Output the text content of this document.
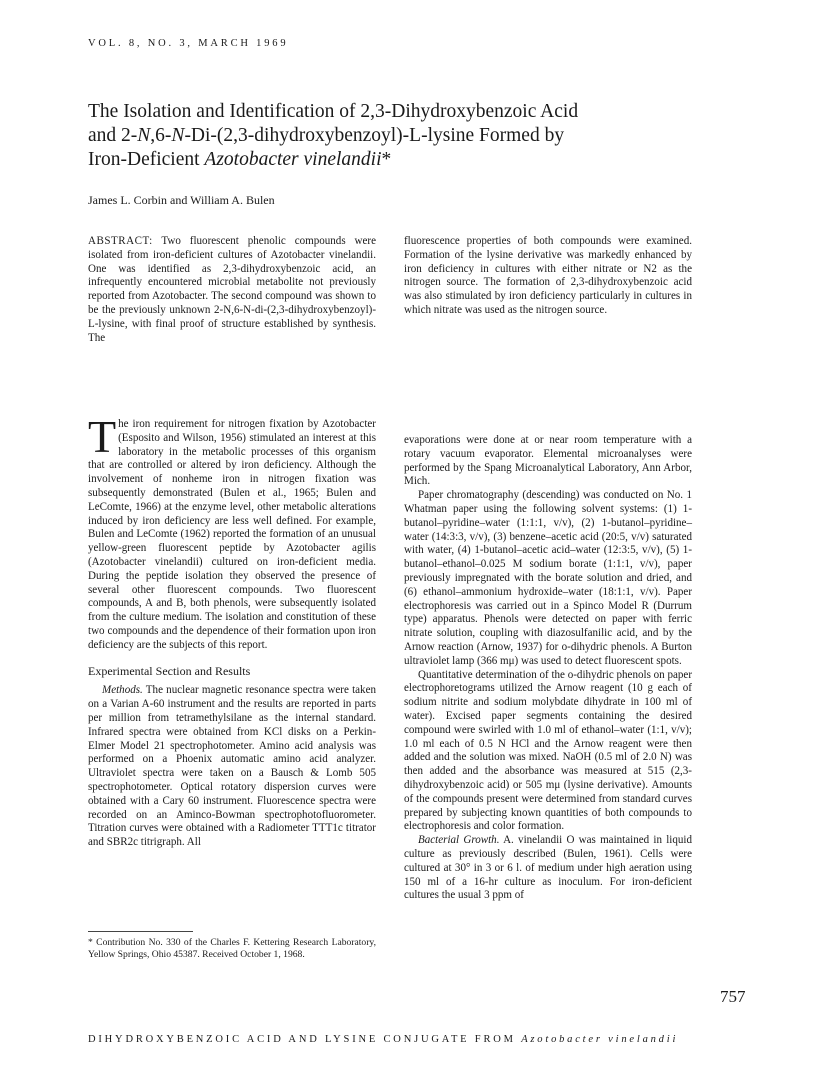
VOL. 8, NO. 3, MARCH 1969
The Isolation and Identification of 2,3-Dihydroxybenzoic Acid
and 2-N,6-N-Di-(2,3-dihydroxybenzoyl)-L-lysine Formed by
Iron-Deficient Azotobacter vinelandii*
James L. Corbin and William A. Bulen

ABSTRACT: Two fluorescent phenolic compounds were isolated from iron-deficient cultures of Azotobacter vinelandii. One was identified as 2,3-dihydroxybenzoic acid, an infrequently encountered microbial metabolite not previously reported from Azotobacter. The second compound was shown to be the previously unknown 2-N,6-N-di-(2,3-dihydroxybenzoyl)-L-lysine, with final proof of structure established by synthesis. The

fluorescence properties of both compounds were examined. Formation of the lysine derivative was markedly enhanced by iron deficiency in cultures with either nitrate or N2 as the nitrogen source. The formation of 2,3-dihydroxybenzoic acid was also stimulated by iron deficiency particularly in cultures in which nitrate was used as the nitrogen source.

The iron requirement for nitrogen fixation by Azotobacter (Esposito and Wilson, 1956) stimulated an interest at this laboratory in the metabolic processes of this organism that are controlled or altered by iron deficiency. Although the involvement of nonheme iron in nitrogen fixation was subsequently demonstrated (Bulen et al., 1965; Bulen and LeComte, 1966) at the enzyme level, other metabolic alterations induced by iron deficiency are less well defined. For example, Bulen and LeComte (1962) reported the formation of an unusual yellow-green fluorescent peptide by Azotobacter agilis (Azotobacter vinelandii) cultured on iron-deficient media. During the peptide isolation they observed the presence of several other fluorescent compounds. Two fluorescent compounds, A and B, both phenols, were subsequently isolated from the culture medium. The isolation and constitution of these two compounds and the dependence of their formation upon iron deficiency are the subjects of this report.

Experimental Section and Results

Methods. The nuclear magnetic resonance spectra were taken on a Varian A-60 instrument and the results are reported in parts per million from tetramethylsilane as the internal standard. Infrared spectra were obtained from KCl disks on a Perkin-Elmer Model 21 spectrophotometer. Amino acid analysis was performed on a Phoenix automatic amino acid analyzer. Ultraviolet spectra were taken on a Bausch & Lomb 505 spectrophotometer. Optical rotatory dispersion curves were obtained with a Cary 60 instrument. Fluorescence spectra were recorded on an Aminco-Bowman spectrophotofluorometer. Titration curves were obtained with a Radiometer TTT1c titrator and SBR2c titrigraph. All

evaporations were done at or near room temperature with a rotary vacuum evaporator. Elemental microanalyses were performed by the Spang Microanalytical Laboratory, Ann Arbor, Mich.

Paper chromatography (descending) was conducted on No. 1 Whatman paper using the following solvent systems: (1) 1-butanol–pyridine–water (1:1:1, v/v), (2) 1-butanol–pyridine–water (14:3:3, v/v), (3) benzene–acetic acid (20:5, v/v) saturated with water, (4) 1-butanol–acetic acid–water (12:3:5, v/v), (5) 1-butanol–ethanol–0.025 M sodium borate (1:1:1, v/v), paper previously impregnated with the borate solution and dried, and (6) ethanol–ammonium hydroxide–water (18:1:1, v/v). Paper electrophoresis was carried out in a Spinco Model R (Durrum type) apparatus. Phenols were detected on paper with ferric nitrate solution, coupling with diazosulfanilic acid, and by the Arnow reaction (Arnow, 1937) for o-dihydric phenols. A Burton ultraviolet lamp (366 mμ) was used to detect fluorescent spots.

Quantitative determination of the o-dihydric phenols on paper electrophoretograms utilized the Arnow reagent (10 g each of sodium nitrite and sodium molybdate dihydrate in 100 ml of water). Excised paper segments containing the desired compound were swirled with 1.0 ml of ethanol–water (1:1, v/v); 1.0 ml each of 0.5 N HCl and the Arnow reagent were then added and the solution was mixed. NaOH (0.5 ml of 2.0 N) was then added and the absorbance was measured at 515 (2,3-dihydroxybenzoic acid) or 505 mμ (lysine derivative). Amounts of the compounds present were determined from standard curves prepared by subjecting known quantities of both compounds to electrophoresis and color formation.

Bacterial Growth. A. vinelandii O was maintained in liquid culture as previously described (Bulen, 1961). Cells were cultured at 30° in 3 or 6 l. of medium under high aeration using 150 ml of a 16-hr culture as inoculum. For iron-deficient cultures the usual 3 ppm of

* Contribution No. 330 of the Charles F. Kettering Research Laboratory, Yellow Springs, Ohio 45387. Received October 1, 1968.
757
DIHYDROXYBENZOIC ACID AND LYSINE CONJUGATE FROM Azotobacter vinelandii
